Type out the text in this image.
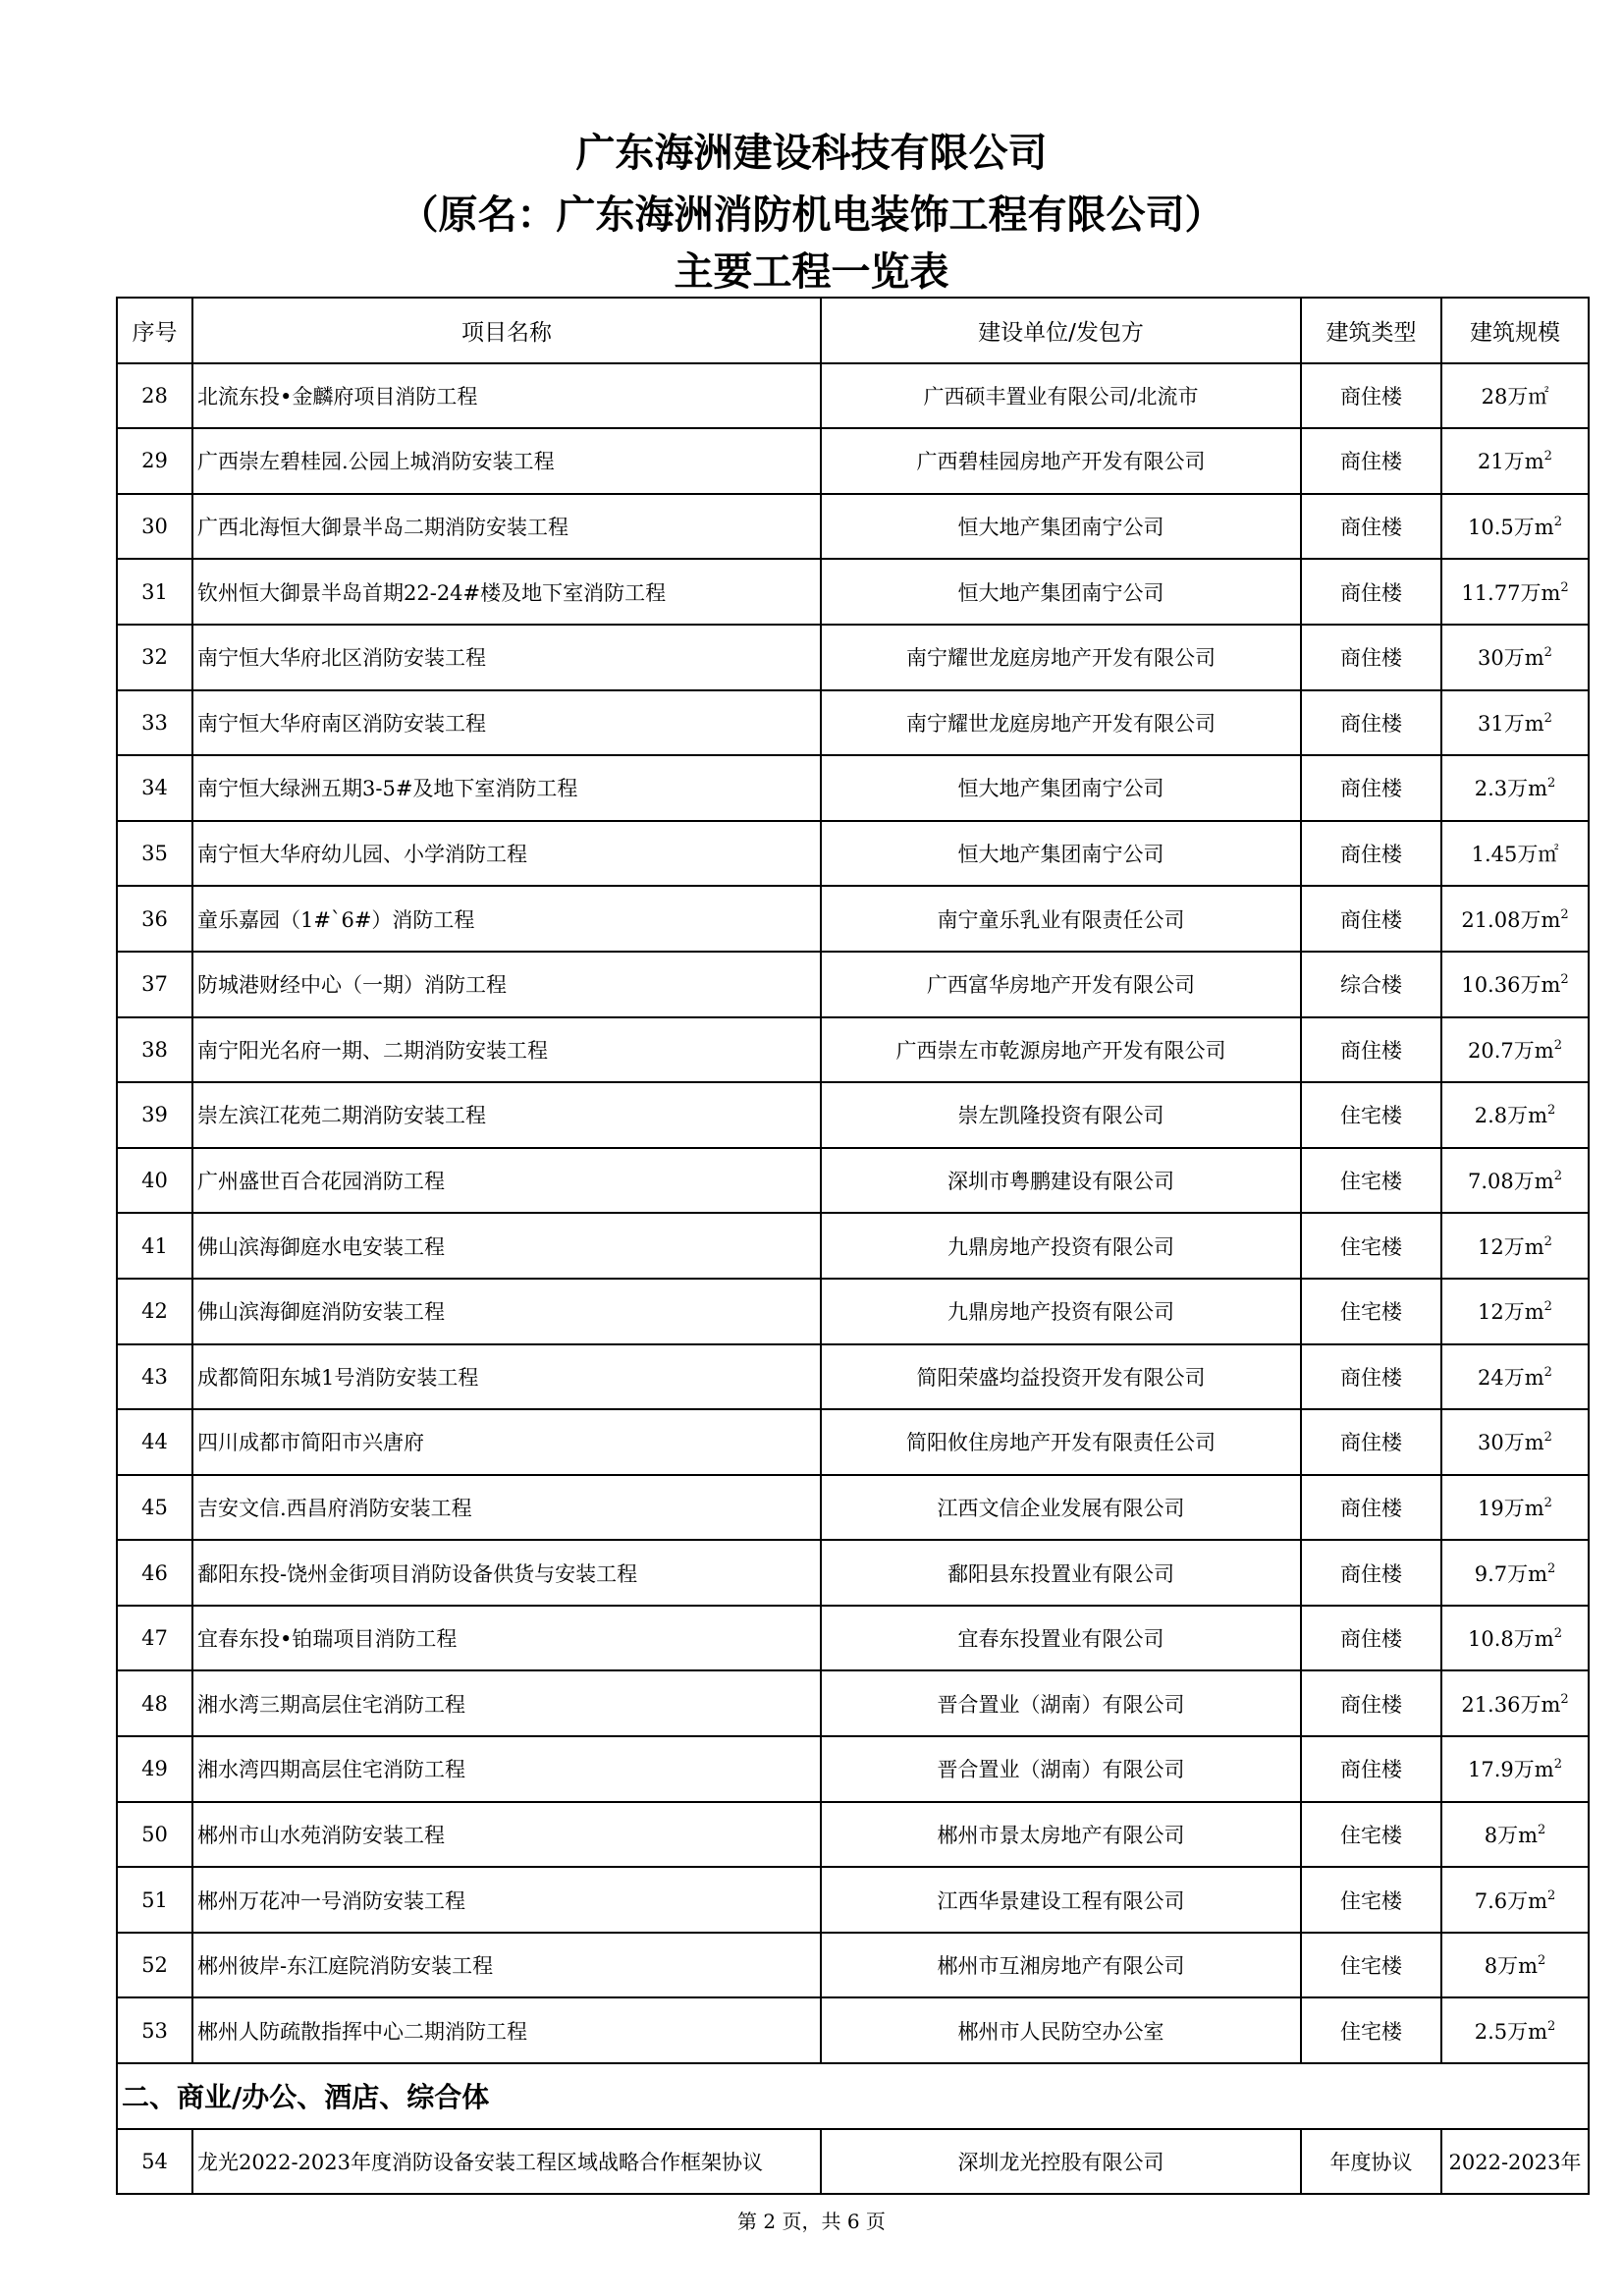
广东海洲建设科技有限公司
（原名：广东海洲消防机电装饰工程有限公司）
主要工程一览表
序号	项目名称	建设单位/发包方	建筑类型	建筑规模
28	北流东投•金麟府项目消防工程	广西硕丰置业有限公司/北流市	商住楼	28万㎡
29	广西崇左碧桂园.公园上城消防安装工程	广西碧桂园房地产开发有限公司	商住楼	21万$m^2$
30	广西北海恒大御景半岛二期消防安装工程	恒大地产集团南宁公司	商住楼	10.5万$m^2$
31	钦州恒大御景半岛首期22-24#楼及地下室消防工程	恒大地产集团南宁公司	商住楼	11.77万$m^2$
32	南宁恒大华府北区消防安装工程	南宁耀世龙庭房地产开发有限公司	商住楼	30万$m^2$
33	南宁恒大华府南区消防安装工程	南宁耀世龙庭房地产开发有限公司	商住楼	31万$m^2$
34	南宁恒大绿洲五期3-5#及地下室消防工程	恒大地产集团南宁公司	商住楼	2.3万$m^2$
35	南宁恒大华府幼儿园、小学消防工程	恒大地产集团南宁公司	商住楼	1.45万㎡
36	童乐嘉园（1#`6#）消防工程	南宁童乐乳业有限责任公司	商住楼	21.08万$m^2$
37	防城港财经中心（一期）消防工程	广西富华房地产开发有限公司	综合楼	10.36万$m^2$
38	南宁阳光名府一期、二期消防安装工程	广西崇左市乾源房地产开发有限公司	商住楼	20.7万$m^2$
39	崇左滨江花苑二期消防安装工程	崇左凯隆投资有限公司	住宅楼	2.8万$m^2$
40	广州盛世百合花园消防工程	深圳市粤鹏建设有限公司	住宅楼	7.08万$m^2$
41	佛山滨海御庭水电安装工程	九鼎房地产投资有限公司	住宅楼	12万$m^2$
42	佛山滨海御庭消防安装工程	九鼎房地产投资有限公司	住宅楼	12万$m^2$
43	成都简阳东城1号消防安装工程	简阳荣盛均益投资开发有限公司	商住楼	24万$m^2$
44	四川成都市简阳市兴唐府	简阳攸住房地产开发有限责任公司	商住楼	30万$m^2$
45	吉安文信.西昌府消防安装工程	江西文信企业发展有限公司	商住楼	19万$m^2$
46	鄱阳东投-饶州金街项目消防设备供货与安装工程	鄱阳县东投置业有限公司	商住楼	9.7万$m^2$
47	宜春东投•铂瑞项目消防工程	宜春东投置业有限公司	商住楼	10.8万$m^2$
48	湘水湾三期高层住宅消防工程	晋合置业（湖南）有限公司	商住楼	21.36万$m^2$
49	湘水湾四期高层住宅消防工程	晋合置业（湖南）有限公司	商住楼	17.9万$m^2$
50	郴州市山水苑消防安装工程	郴州市景太房地产有限公司	住宅楼	8万$m^2$
51	郴州万花冲一号消防安装工程	江西华景建设工程有限公司	住宅楼	7.6万$m^2$
52	郴州彼岸-东江庭院消防安装工程	郴州市互湘房地产有限公司	住宅楼	8万$m^2$
53	郴州人防疏散指挥中心二期消防工程	郴州市人民防空办公室	住宅楼	2.5万$m^2$
二、商业/办公、酒店、综合体				
54	龙光2022-2023年度消防设备安装工程区域战略合作框架协议	深圳龙光控股有限公司	年度协议	2022-2023年
第 2 页，共 6 页
